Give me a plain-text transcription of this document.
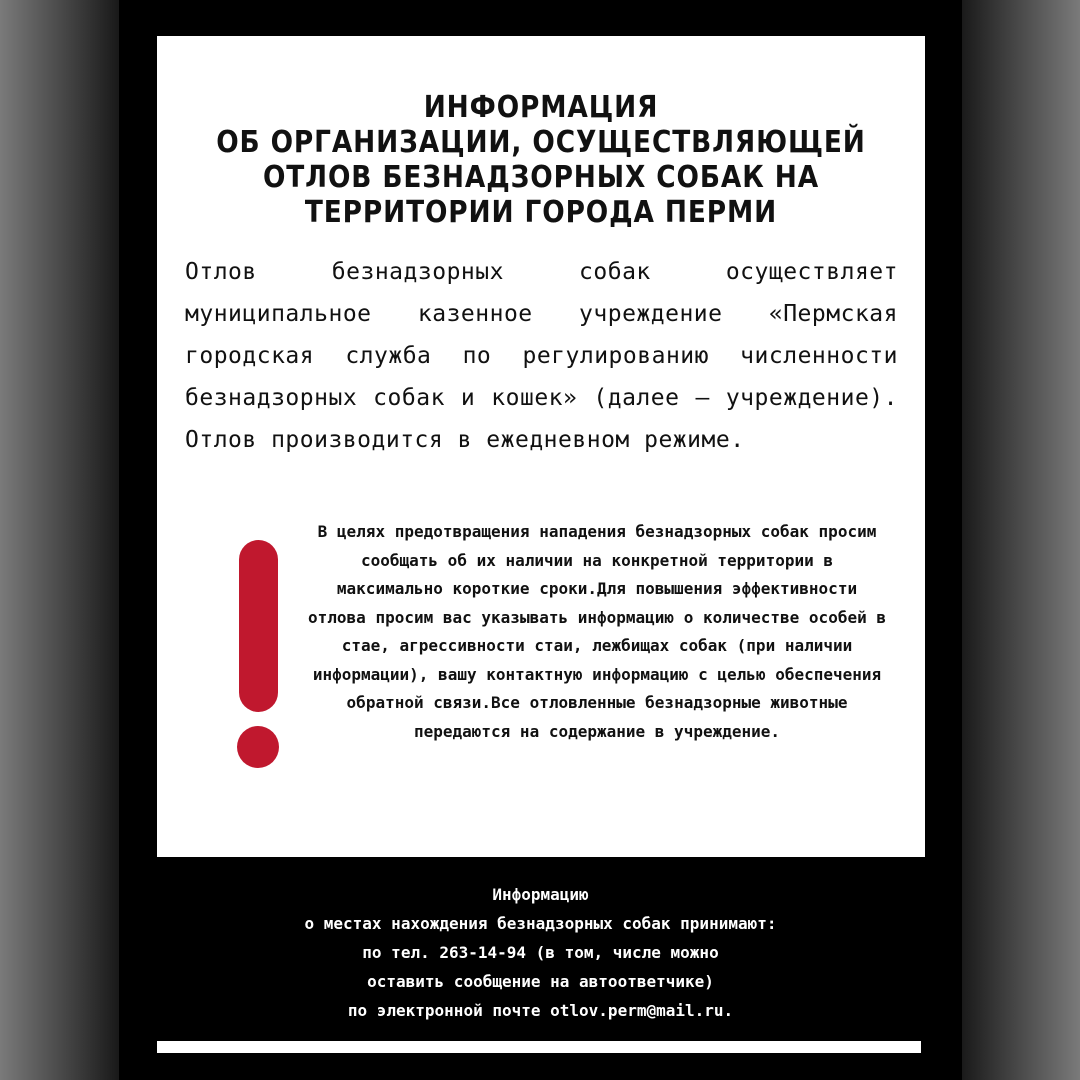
ИНФОРМАЦИЯ
ОБ ОРГАНИЗАЦИИ, ОСУЩЕСТВЛЯЮЩЕЙ
ОТЛОВ БЕЗНАДЗОРНЫХ СОБАК НА
ТЕРРИТОРИИ ГОРОДА ПЕРМИ

Отлов безнадзорных собак осуществляет муниципальное казенное учреждение «Пермская городская служба по регулированию численности безнадзорных собак и кошек» (далее – учреждение). Отлов производится в ежедневном режиме.

В целях предотвращения нападения безнадзорных собак просим сообщать об их наличии на конкретной территории в максимально короткие сроки.Для повышения эффективности отлова просим вас указывать информацию о количестве особей в стае, агрессивности стаи, лежбищах собак (при наличии информации), вашу контактную информацию с целью обеспечения обратной связи.Все отловленные безнадзорные животные передаются на содержание в учреждение.

Информацию
о местах нахождения безнадзорных собак принимают:
по тел. 263-14-94 (в том, числе можно
оставить сообщение на автоответчике)
по электронной почте otlov.perm@mail.ru.
